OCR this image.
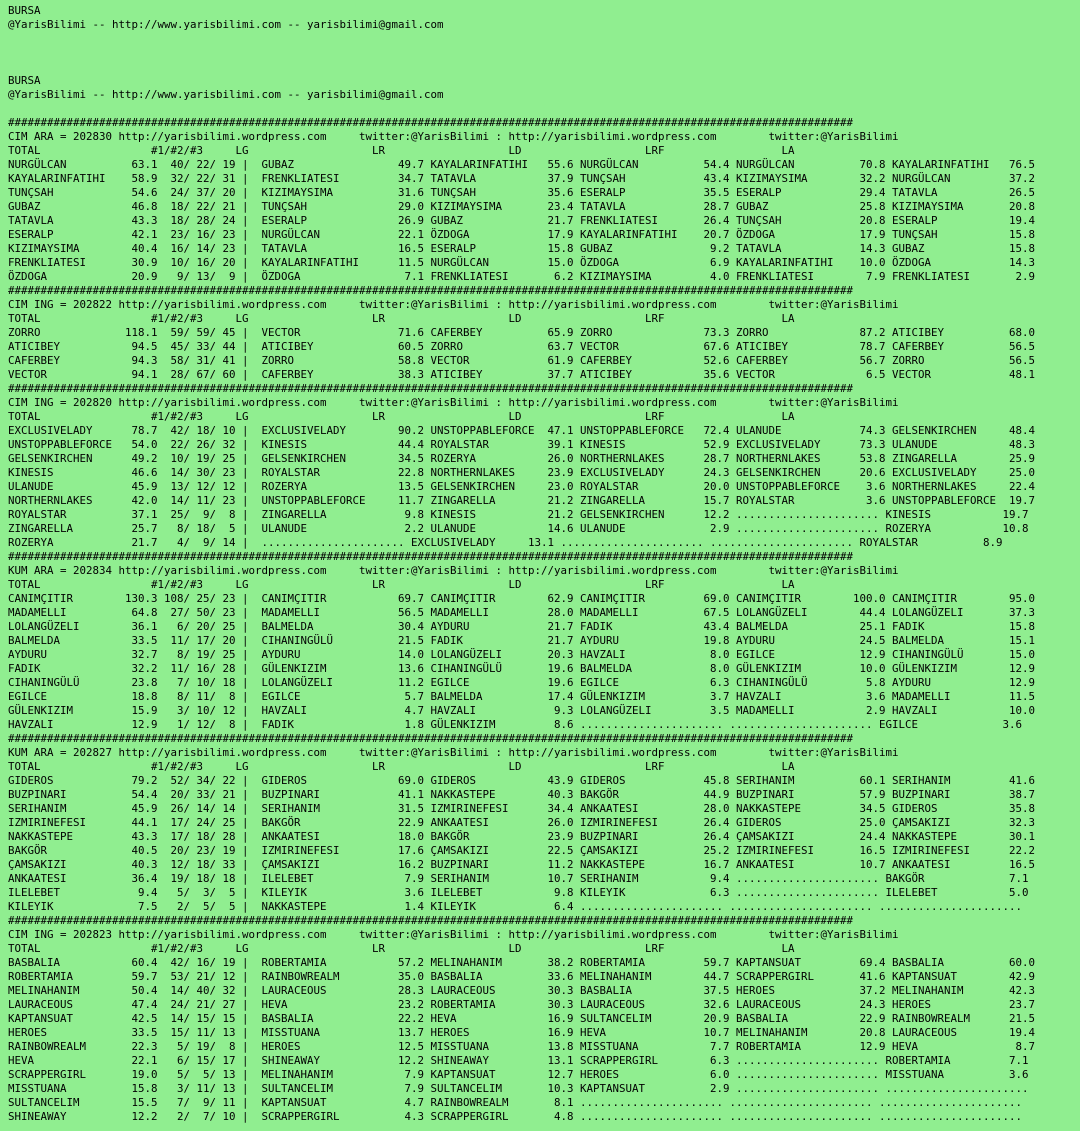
BURSA
@YarisBilimi -- http://www.yarisbilimi.com -- yarisbilimi@gmail.com

BURSA
@YarisBilimi -- http://www.yarisbilimi.com -- yarisbilimi@gmail.com

##################################################################################################################################
CIM ARA = 202830 http://yarisbilimi.wordpress.com     twitter:@YarisBilimi : http://yarisbilimi.wordpress.com        twitter:@YarisBilimi
TOTAL                 #1/#2/#3     LG                   LR                   LD                   LRF                  LA
NURGÜLCAN          63.1  40/ 22/ 19 |  GUBAZ                49.7 KAYALARINFATIHI   55.6 NURGÜLCAN          54.4 NURGÜLCAN          70.8 KAYALARINFATIHI   76.5
KAYALARINFATIHI    58.9  32/ 22/ 31 |  FRENKLIATESI         34.7 TATAVLA           37.9 TUNÇSAH            43.4 KIZIMAYSIMA        32.2 NURGÜLCAN         37.2
TUNÇSAH            54.6  24/ 37/ 20 |  KIZIMAYSIMA          31.6 TUNÇSAH           35.6 ESERALP            35.5 ESERALP            29.4 TATAVLA           26.5
GUBAZ              46.8  18/ 22/ 21 |  TUNÇSAH              29.0 KIZIMAYSIMA       23.4 TATAVLA            28.7 GUBAZ              25.8 KIZIMAYSIMA       20.8
TATAVLA            43.3  18/ 28/ 24 |  ESERALP              26.9 GUBAZ             21.7 FRENKLIATESI       26.4 TUNÇSAH            20.8 ESERALP           19.4
ESERALP            42.1  23/ 16/ 23 |  NURGÜLCAN            22.1 ÖZDOGA            17.9 KAYALARINFATIHI    20.7 ÖZDOGA             17.9 TUNÇSAH           15.8
KIZIMAYSIMA        40.4  16/ 14/ 23 |  TATAVLA              16.5 ESERALP           15.8 GUBAZ               9.2 TATAVLA            14.3 GUBAZ             15.8
FRENKLIATESI       30.9  10/ 16/ 20 |  KAYALARINFATIHI      11.5 NURGÜLCAN         15.0 ÖZDOGA              6.9 KAYALARINFATIHI    10.0 ÖZDOGA            14.3
ÖZDOGA             20.9   9/ 13/  9 |  ÖZDOGA                7.1 FRENKLIATESI       6.2 KIZIMAYSIMA         4.0 FRENKLIATESI        7.9 FRENKLIATESI       2.9
##################################################################################################################################
CIM ING = 202822 http://yarisbilimi.wordpress.com     twitter:@YarisBilimi : http://yarisbilimi.wordpress.com        twitter:@YarisBilimi
TOTAL                 #1/#2/#3     LG                   LR                   LD                   LRF                  LA
ZORRO             118.1  59/ 59/ 45 |  VECTOR               71.6 CAFERBEY          65.9 ZORRO              73.3 ZORRO              87.2 ATICIBEY          68.0
ATICIBEY           94.5  45/ 33/ 44 |  ATICIBEY             60.5 ZORRO             63.7 VECTOR             67.6 ATICIBEY           78.7 CAFERBEY          56.5
CAFERBEY           94.3  58/ 31/ 41 |  ZORRO                58.8 VECTOR            61.9 CAFERBEY           52.6 CAFERBEY           56.7 ZORRO             56.5
VECTOR             94.1  28/ 67/ 60 |  CAFERBEY             38.3 ATICIBEY          37.7 ATICIBEY           35.6 VECTOR              6.5 VECTOR            48.1
##################################################################################################################################
CIM ING = 202820 http://yarisbilimi.wordpress.com     twitter:@YarisBilimi : http://yarisbilimi.wordpress.com        twitter:@YarisBilimi
TOTAL                 #1/#2/#3     LG                   LR                   LD                   LRF                  LA
EXCLUSIVELADY      78.7  42/ 18/ 10 |  EXCLUSIVELADY        90.2 UNSTOPPABLEFORCE  47.1 UNSTOPPABLEFORCE   72.4 ULANUDE            74.3 GELSENKIRCHEN     48.4
UNSTOPPABLEFORCE   54.0  22/ 26/ 32 |  KINESIS              44.4 ROYALSTAR         39.1 KINESIS            52.9 EXCLUSIVELADY      73.3 ULANUDE           48.3
GELSENKIRCHEN      49.2  10/ 19/ 25 |  GELSENKIRCHEN        34.5 ROZERYA           26.0 NORTHERNLAKES      28.7 NORTHERNLAKES      53.8 ZINGARELLA        25.9
KINESIS            46.6  14/ 30/ 23 |  ROYALSTAR            22.8 NORTHERNLAKES     23.9 EXCLUSIVELADY      24.3 GELSENKIRCHEN      20.6 EXCLUSIVELADY     25.0
ULANUDE            45.9  13/ 12/ 12 |  ROZERYA              13.5 GELSENKIRCHEN     23.0 ROYALSTAR          20.0 UNSTOPPABLEFORCE    3.6 NORTHERNLAKES     22.4
NORTHERNLAKES      42.0  14/ 11/ 23 |  UNSTOPPABLEFORCE     11.7 ZINGARELLA        21.2 ZINGARELLA         15.7 ROYALSTAR           3.6 UNSTOPPABLEFORCE  19.7
ROYALSTAR          37.1  25/  9/  8 |  ZINGARELLA            9.8 KINESIS           21.2 GELSENKIRCHEN      12.2 ...................... KINESIS           19.7
ZINGARELLA         25.7   8/ 18/  5 |  ULANUDE               2.2 ULANUDE           14.6 ULANUDE             2.9 ...................... ROZERYA           10.8
ROZERYA            21.7   4/  9/ 14 |  ...................... EXCLUSIVELADY     13.1 ...................... ...................... ROYALSTAR          8.9
##################################################################################################################################
KUM ARA = 202834 http://yarisbilimi.wordpress.com     twitter:@YarisBilimi : http://yarisbilimi.wordpress.com        twitter:@YarisBilimi
TOTAL                 #1/#2/#3     LG                   LR                   LD                   LRF                  LA
CANIMÇITIR        130.3 108/ 25/ 23 |  CANIMÇITIR           69.7 CANIMÇITIR        62.9 CANIMÇITIR         69.0 CANIMÇITIR        100.0 CANIMÇITIR        95.0
MADAMELLI          64.8  27/ 50/ 23 |  MADAMELLI            56.5 MADAMELLI         28.0 MADAMELLI          67.5 LOLANGÜZELI        44.4 LOLANGÜZELI       37.3
LOLANGÜZELI        36.1   6/ 20/ 25 |  BALMELDA             30.4 AYDURU            21.7 FADIK              43.4 BALMELDA           25.1 FADIK             15.8
BALMELDA           33.5  11/ 17/ 20 |  CIHANINGÜLÜ          21.5 FADIK             21.7 AYDURU             19.8 AYDURU             24.5 BALMELDA          15.1
AYDURU             32.7   8/ 19/ 25 |  AYDURU               14.0 LOLANGÜZELI       20.3 HAVZALI             8.0 EGILCE             12.9 CIHANINGÜLÜ       15.0
FADIK              32.2  11/ 16/ 28 |  GÜLENKIZIM           13.6 CIHANINGÜLÜ       19.6 BALMELDA            8.0 GÜLENKIZIM         10.0 GÜLENKIZIM        12.9
CIHANINGÜLÜ        23.8   7/ 10/ 18 |  LOLANGÜZELI          11.2 EGILCE            19.6 EGILCE              6.3 CIHANINGÜLÜ         5.8 AYDURU            12.9
EGILCE             18.8   8/ 11/  8 |  EGILCE                5.7 BALMELDA          17.4 GÜLENKIZIM          3.7 HAVZALI             3.6 MADAMELLI         11.5
GÜLENKIZIM         15.9   3/ 10/ 12 |  HAVZALI               4.7 HAVZALI            9.3 LOLANGÜZELI         3.5 MADAMELLI           2.9 HAVZALI           10.0
HAVZALI            12.9   1/ 12/  8 |  FADIK                 1.8 GÜLENKIZIM         8.6 ...................... ...................... EGILCE             3.6
##################################################################################################################################
KUM ARA = 202827 http://yarisbilimi.wordpress.com     twitter:@YarisBilimi : http://yarisbilimi.wordpress.com        twitter:@YarisBilimi
TOTAL                 #1/#2/#3     LG                   LR                   LD                   LRF                  LA
GIDEROS            79.2  52/ 34/ 22 |  GIDEROS              69.0 GIDEROS           43.9 GIDEROS            45.8 SERIHANIM          60.1 SERIHANIM         41.6
BUZPINARI          54.4  20/ 33/ 21 |  BUZPINARI            41.1 NAKKASTEPE        40.3 BAKGÖR             44.9 BUZPINARI          57.9 BUZPINARI         38.7
SERIHANIM          45.9  26/ 14/ 14 |  SERIHANIM            31.5 IZMIRINEFESI      34.4 ANKAATESI          28.0 NAKKASTEPE         34.5 GIDEROS           35.8
IZMIRINEFESI       44.1  17/ 24/ 25 |  BAKGÖR               22.9 ANKAATESI         26.0 IZMIRINEFESI       26.4 GIDEROS            25.0 ÇAMSAKIZI         32.3
NAKKASTEPE         43.3  17/ 18/ 28 |  ANKAATESI            18.0 BAKGÖR            23.9 BUZPINARI          26.4 ÇAMSAKIZI          24.4 NAKKASTEPE        30.1
BAKGÖR             40.5  20/ 23/ 19 |  IZMIRINEFESI         17.6 ÇAMSAKIZI         22.5 ÇAMSAKIZI          25.2 IZMIRINEFESI       16.5 IZMIRINEFESI      22.2
ÇAMSAKIZI          40.3  12/ 18/ 33 |  ÇAMSAKIZI            16.2 BUZPINARI         11.2 NAKKASTEPE         16.7 ANKAATESI          10.7 ANKAATESI         16.5
ANKAATESI          36.4  19/ 18/ 18 |  ILELEBET              7.9 SERIHANIM         10.7 SERIHANIM           9.4 ...................... BAKGÖR             7.1
ILELEBET            9.4   5/  3/  5 |  KILEYIK               3.6 ILELEBET           9.8 KILEYIK             6.3 ...................... ILELEBET           5.0
KILEYIK             7.5   2/  5/  5 |  NAKKASTEPE            1.4 KILEYIK            6.4 ...................... ...................... ......................
##################################################################################################################################
CIM ING = 202823 http://yarisbilimi.wordpress.com     twitter:@YarisBilimi : http://yarisbilimi.wordpress.com        twitter:@YarisBilimi
TOTAL                 #1/#2/#3     LG                   LR                   LD                   LRF                  LA
BASBALIA           60.4  42/ 16/ 19 |  ROBERTAMIA           57.2 MELINAHANIM       38.2 ROBERTAMIA         59.7 KAPTANSUAT         69.4 BASBALIA          60.0
ROBERTAMIA         59.7  53/ 21/ 12 |  RAINBOWREALM         35.0 BASBALIA          33.6 MELINAHANIM        44.7 SCRAPPERGIRL       41.6 KAPTANSUAT        42.9
MELINAHANIM        50.4  14/ 40/ 32 |  LAURACEOUS           28.3 LAURACEOUS        30.3 BASBALIA           37.5 HEROES             37.2 MELINAHANIM       42.3
LAURACEOUS         47.4  24/ 21/ 27 |  HEVA                 23.2 ROBERTAMIA        30.3 LAURACEOUS         32.6 LAURACEOUS         24.3 HEROES            23.7
KAPTANSUAT         42.5  14/ 15/ 15 |  BASBALIA             22.2 HEVA              16.9 SULTANCELIM        20.9 BASBALIA           22.9 RAINBOWREALM      21.5
HEROES             33.5  15/ 11/ 13 |  MISSTUANA            13.7 HEROES            16.9 HEVA               10.7 MELINAHANIM        20.8 LAURACEOUS        19.4
RAINBOWREALM       22.3   5/ 19/  8 |  HEROES               12.5 MISSTUANA         13.8 MISSTUANA           7.7 ROBERTAMIA         12.9 HEVA               8.7
HEVA               22.1   6/ 15/ 17 |  SHINEAWAY            12.2 SHINEAWAY         13.1 SCRAPPERGIRL        6.3 ...................... ROBERTAMIA         7.1
SCRAPPERGIRL       19.0   5/  5/ 13 |  MELINAHANIM           7.9 KAPTANSUAT        12.7 HEROES              6.0 ...................... MISSTUANA          3.6
MISSTUANA          15.8   3/ 11/ 13 |  SULTANCELIM           7.9 SULTANCELIM       10.3 KAPTANSUAT          2.9 ...................... ......................
SULTANCELIM        15.5   7/  9/ 11 |  KAPTANSUAT            4.7 RAINBOWREALM       8.1 ...................... ...................... ......................
SHINEAWAY          12.2   2/  7/ 10 |  SCRAPPERGIRL          4.3 SCRAPPERGIRL       4.8 ...................... ...................... ......................
